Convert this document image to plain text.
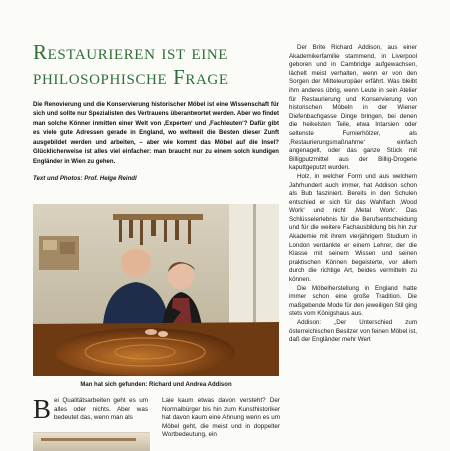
Restaurieren ist eine
philosophische Frage
Die Renovierung und die Konservierung historischer Möbel ist eine Wissenschaft für sich und sollte nur Spezialisten des Vertrauens überantwortet werden. Aber wo findet man solche Könner inmitten einer Welt von ‚Experten‘ und ‚Fachleuten‘? Dafür gibt es viele gute Adressen gerade in England, wo weltweit die Besten dieser Zunft ausgebildet werden und arbeiten, – aber wie kommt das Möbel auf die Insel? Glücklicherweise ist alles viel einfacher: man braucht nur zu einem solch kundigen Engländer in Wien zu gehen.
Text und Photos: Prof. Helge Reindl
Man hat sich gefunden: Richard und Andrea Addison
B ei Qualitätsarbeiten geht es um alles oder nichts. Aber was bedeutet das, wenn man als
Laie kaum etwas davon versteht? Der Normalbürger bis hin zum Kunsthistoriker hat davon kaum eine Ahnung wenn es um Möbel geht, die meist und in doppelter Wortbedeutung, ein

Der Brite Richard Addison, aus einer Akademikerfamilie stammend, in Liverpool geboren und in Cambridge aufgewachsen, lächelt meist verhalten, wenn er von den Sorgen der Mitteleuropäer erfährt. Was bleibt ihm anderes übrig, wenn Leute in sein Atelier für Restaurierung und Konservierung von historischen Möbeln in der Wiener Diefenbachgasse Dinge bringen, bei denen die heikelsten Teile, etwa Intarsien oder seltenste Furnierhölzer, als ‚Restaurierungsmaßnahme‘ einfach angenagelt, oder das ganze Stück mit Billigputzmittel aus der Billig-Drogerie kaputtgeputzt wurden.

Holz, in welcher Form und aus welchem Jahrhundert auch immer, hat Addison schon als Bub fasziniert. Bereits in den Schulen entschied er sich für das Wahlfach ‚Wood Work‘ und nicht ‚Metal Work‘. Das Schlüsselerlebnis für die Berufsentscheidung und für die weitere Fachausbildung bis hin zur Akademie mit ihrem vierjährigem Studium in London verdankte er einem Lehrer, der die Klasse mit seinem Wissen und seinen praktischen Können begeisterte, vor allem durch die richtige Art, beides vermitteln zu können.

Die Möbelherstellung in England hatte immer schon eine große Tradition. Die maßgebende Mode für den jeweiligen Stil ging stets vom Königshaus aus.

Addison: „Der Unterschied zum österreichischen Besitzer von feinen Möbel ist, daß der Engländer mehr Wert
